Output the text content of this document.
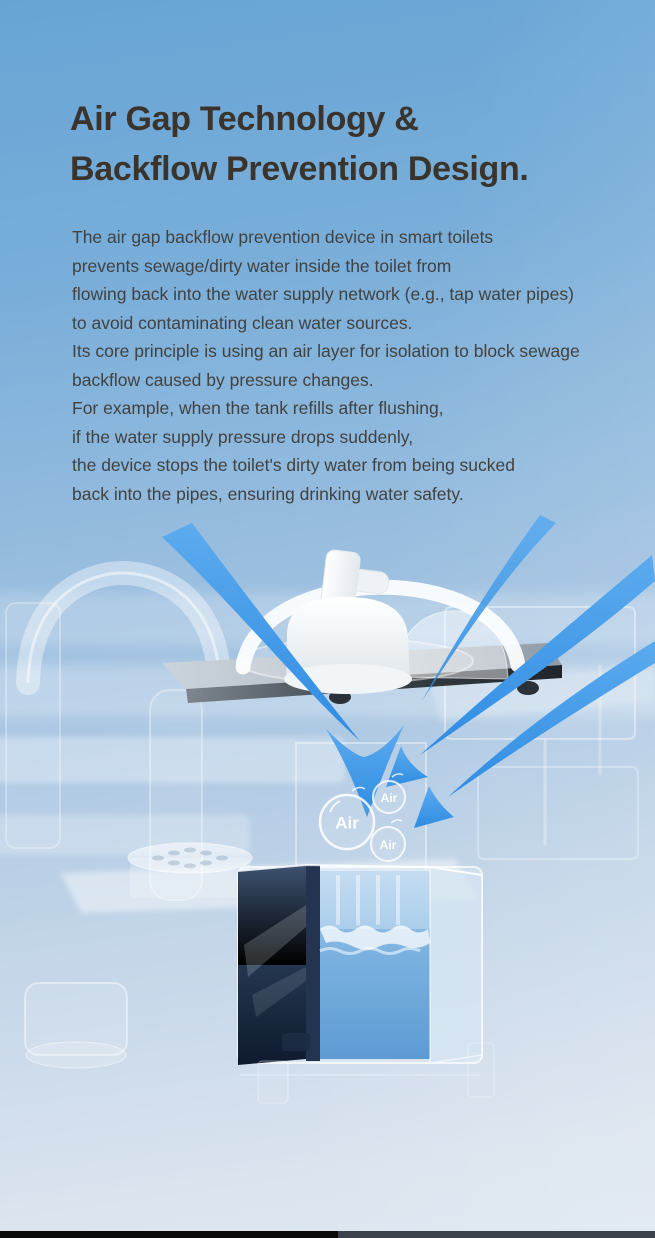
Air Gap Technology &
Backflow Prevention Design.
The air gap backflow prevention device in smart toilets
prevents sewage/dirty water inside the toilet from
flowing back into the water supply network (e.g., tap water pipes)
to avoid contaminating clean water sources.
Its core principle is using an air layer for isolation to block sewage
backflow caused by pressure changes.
For example, when the tank refills after flushing,
if the water supply pressure drops suddenly,
the device stops the toilet's dirty water from being sucked
back into the pipes, ensuring drinking water safety.
Air
Air
Air
